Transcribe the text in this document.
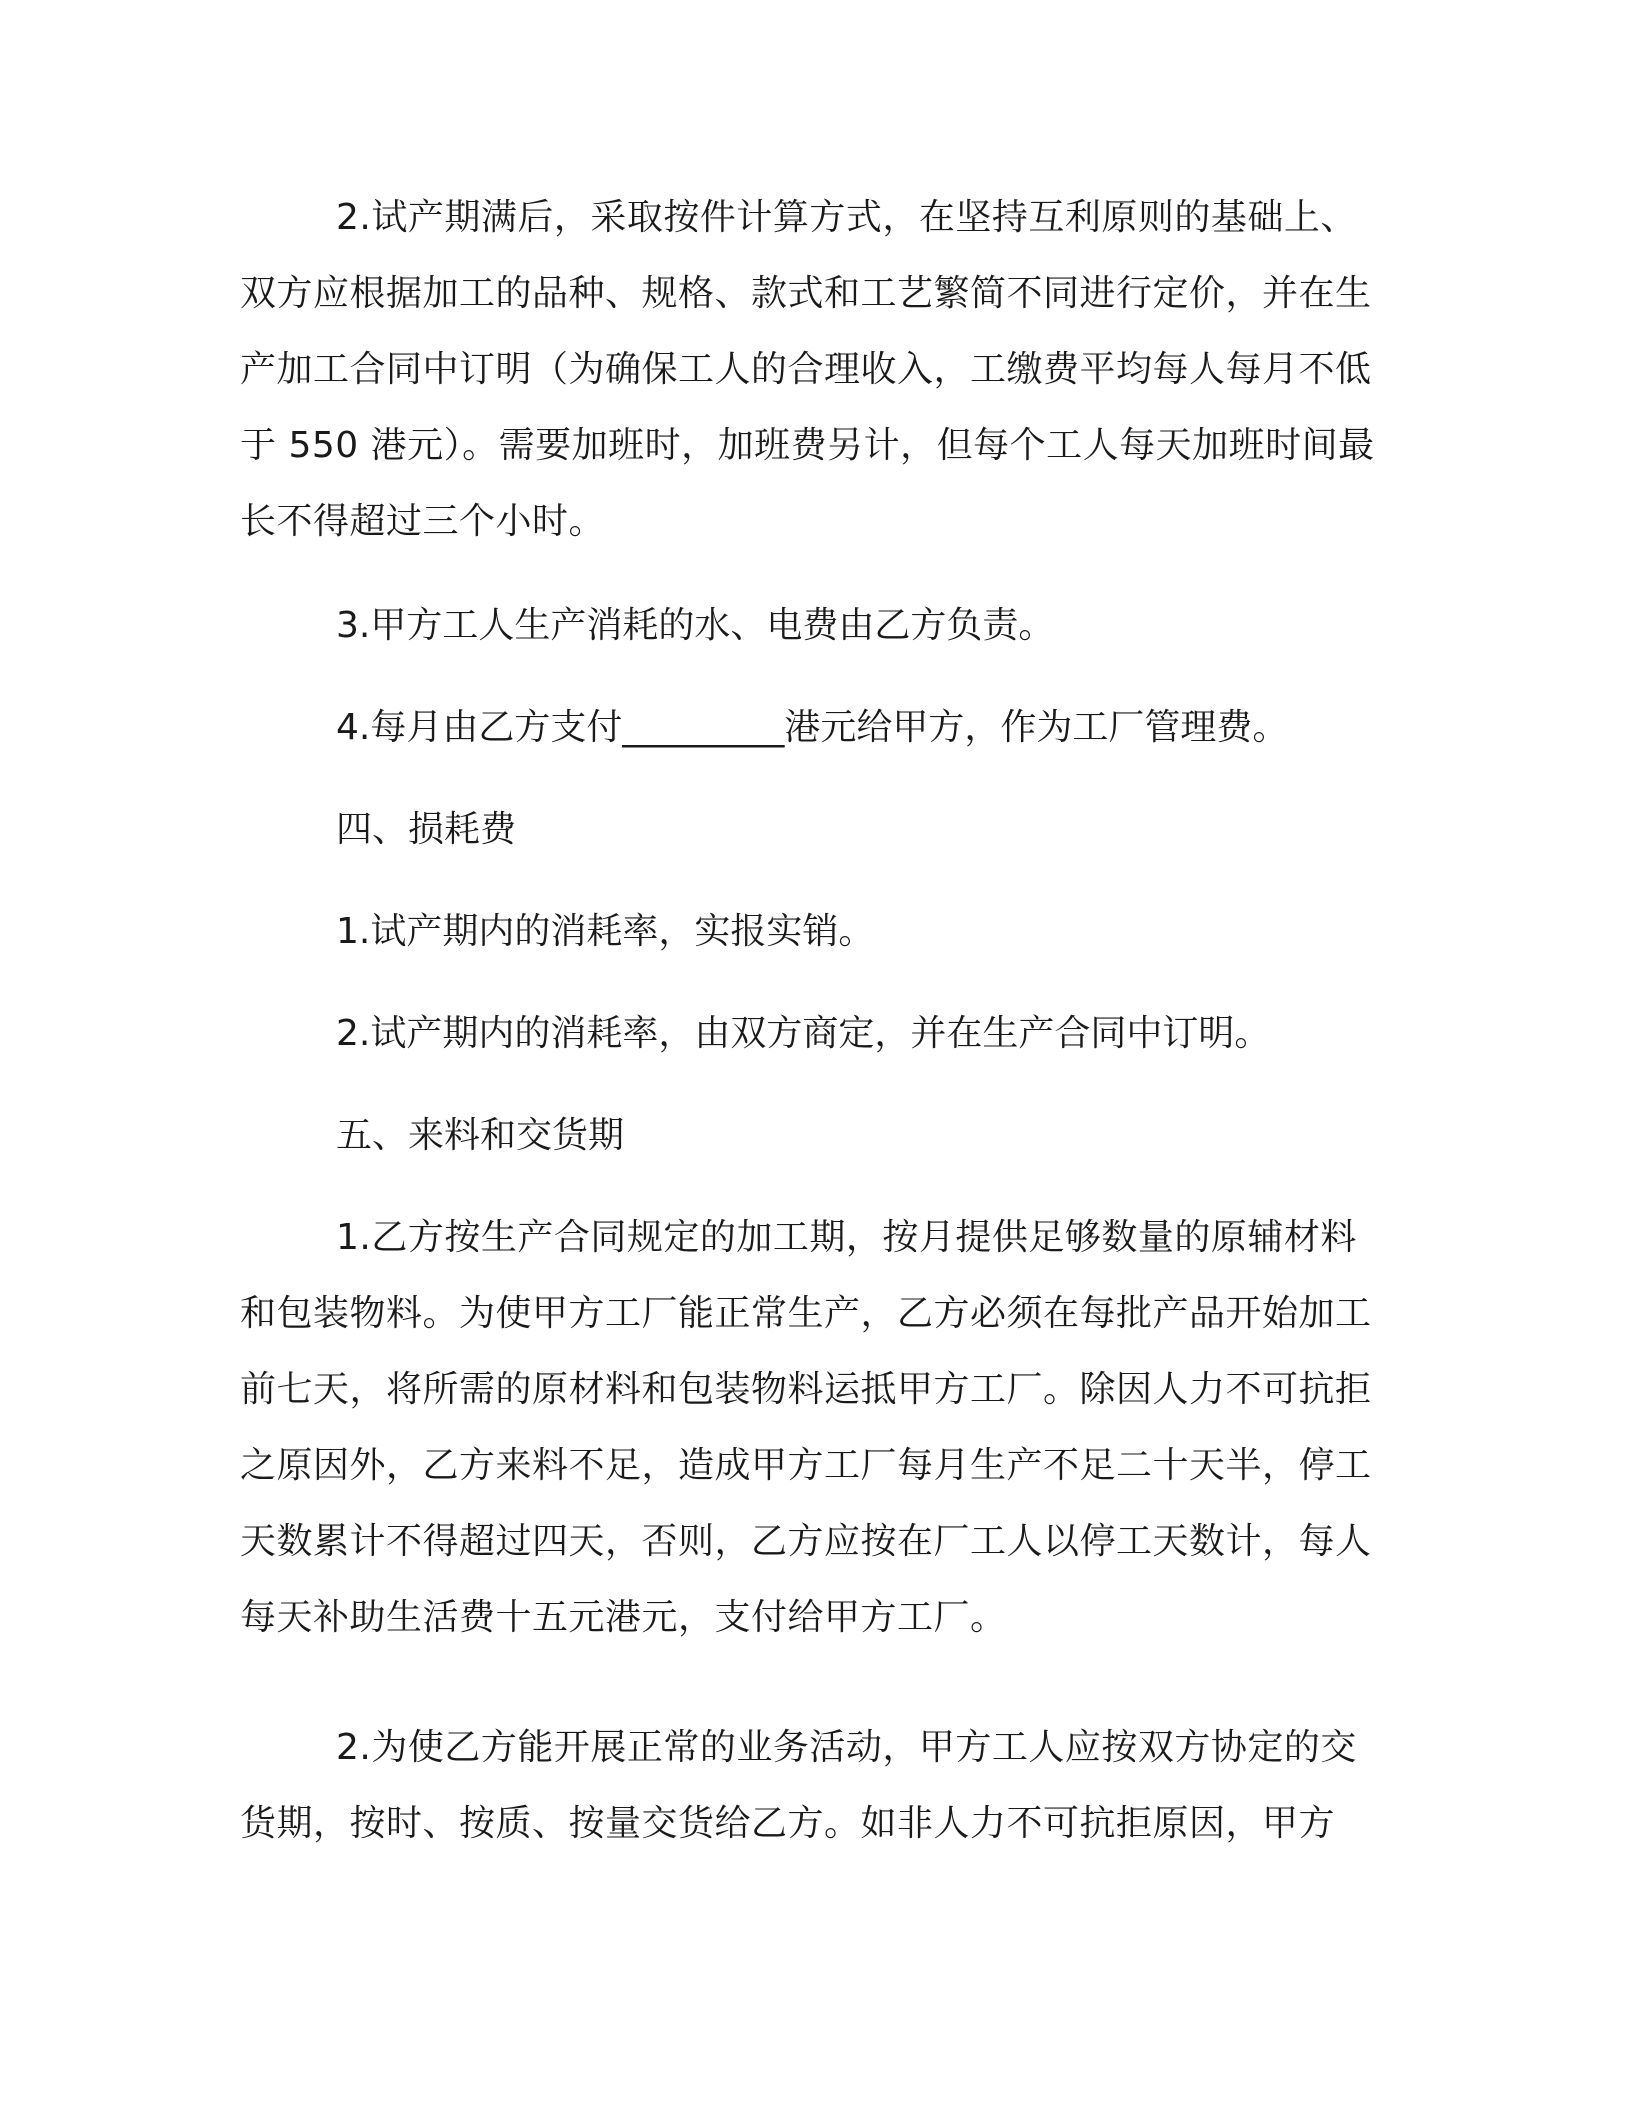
2.试产期满后，采取按件计算方式，在坚持互利原则的基础上、双方应根据加工的品种、规格、款式和工艺繁简不同进行定价，并在生产加工合同中订明（为确保工人的合理收入，工缴费平均每人每月不低于 550 港元）。需要加班时，加班费另计，但每个工人每天加班时间最长不得超过三个小时。

3.甲方工人生产消耗的水、电费由乙方负责。

4.每月由乙方支付_________港元给甲方，作为工厂管理费。

四、损耗费

1.试产期内的消耗率，实报实销。

2.试产期内的消耗率，由双方商定，并在生产合同中订明。

五、来料和交货期

1.乙方按生产合同规定的加工期，按月提供足够数量的原辅材料和包装物料。为使甲方工厂能正常生产，乙方必须在每批产品开始加工前七天，将所需的原材料和包装物料运抵甲方工厂。除因人力不可抗拒之原因外，乙方来料不足，造成甲方工厂每月生产不足二十天半，停工天数累计不得超过四天，否则，乙方应按在厂工人以停工天数计，每人每天补助生活费十五元港元，支付给甲方工厂。

2.为使乙方能开展正常的业务活动，甲方工人应按双方协定的交货期，按时、按质、按量交货给乙方。如非人力不可抗拒原因，甲方
